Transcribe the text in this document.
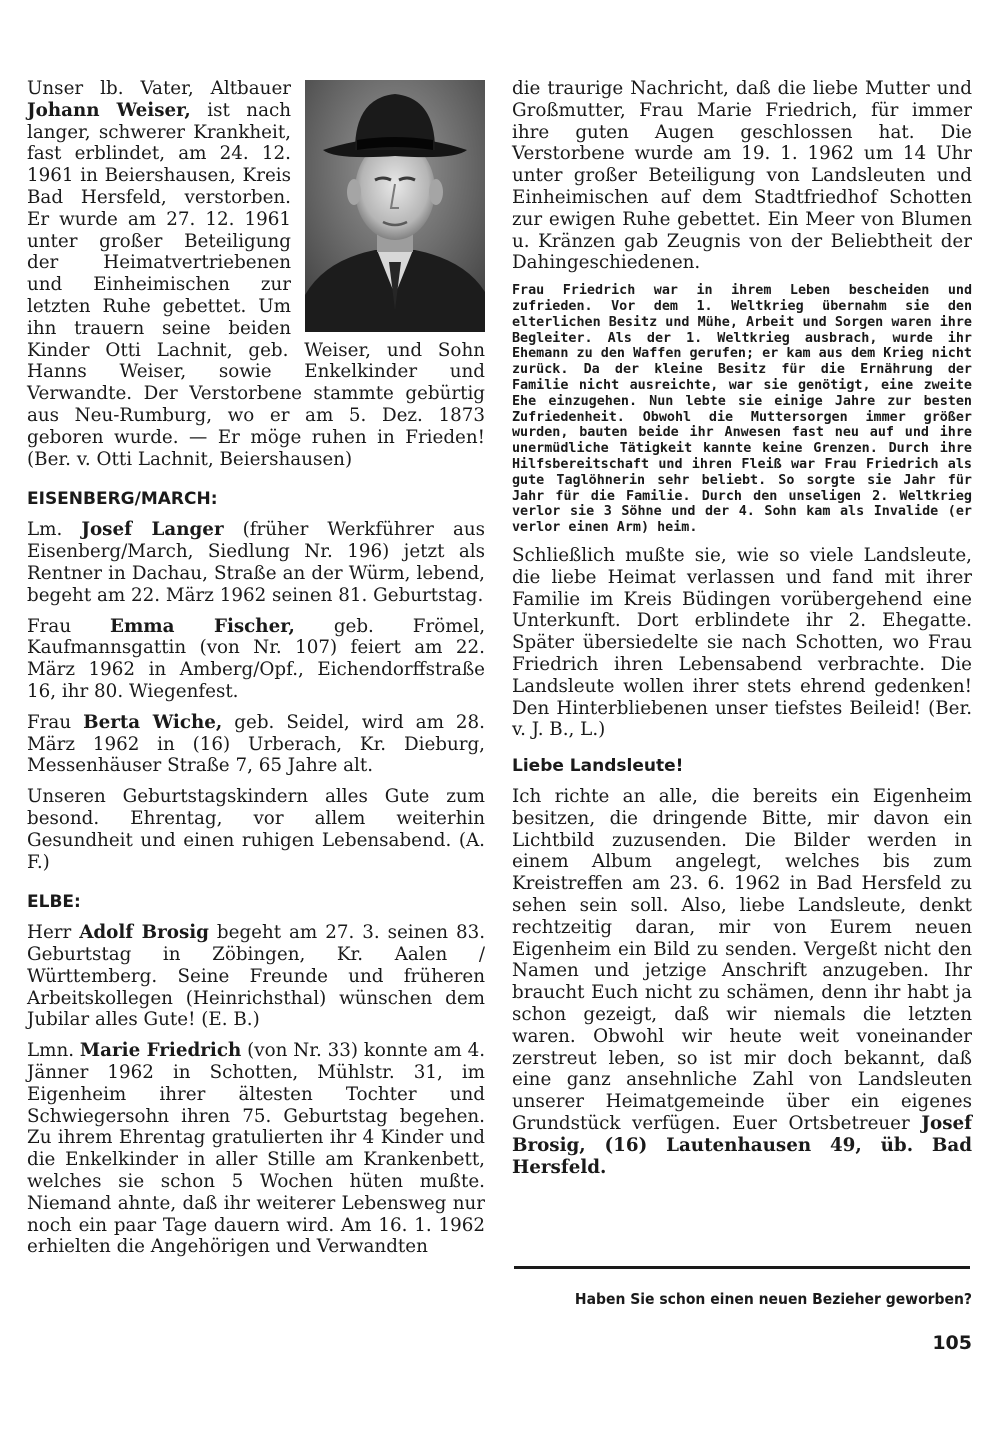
Unser lb. Vater, Altbauer Johann Weiser, ist nach langer, schwerer Krankheit, fast erblindet, am 24. 12. 1961 in Beiershausen, Kreis Bad Hersfeld, verstorben. Er wurde am 27. 12. 1961 unter großer Beteiligung der Heimatvertriebenen und Einheimischen zur letzten Ruhe gebettet. Um ihn trauern seine beiden Kinder Otti Lachnit, geb. Weiser, und Sohn Hanns Weiser, sowie Enkelkinder und Verwandte. Der Verstorbene stammte gebürtig aus Neu-Rumburg, wo er am 5. Dez. 1873 geboren wurde. — Er möge ruhen in Frieden! (Ber. v. Otti Lachnit, Beiershausen)

EISENBERG/MARCH:

Lm. Josef Langer (früher Werkführer aus Eisenberg/March, Siedlung Nr. 196) jetzt als Rentner in Dachau, Straße an der Würm, lebend, begeht am 22. März 1962 seinen 81. Geburtstag.

Frau Emma Fischer, geb. Frömel, Kaufmannsgattin (von Nr. 107) feiert am 22. März 1962 in Amberg/Opf., Eichendorffstraße 16, ihr 80. Wiegenfest.

Frau Berta Wiche, geb. Seidel, wird am 28. März 1962 in (16) Urberach, Kr. Dieburg, Messenhäuser Straße 7, 65 Jahre alt.

Unseren Geburtstagskindern alles Gute zum besond. Ehrentag, vor allem weiterhin Gesundheit und einen ruhigen Lebensabend. (A. F.)

ELBE:

Herr Adolf Brosig begeht am 27. 3. seinen 83. Geburtstag in Zöbingen, Kr. Aalen / Württemberg. Seine Freunde und früheren Arbeitskollegen (Heinrichsthal) wünschen dem Jubilar alles Gute! (E. B.)

Lmn. Marie Friedrich (von Nr. 33) konnte am 4. Jänner 1962 in Schotten, Mühlstr. 31, im Eigenheim ihrer ältesten Tochter und Schwiegersohn ihren 75. Geburtstag begehen. Zu ihrem Ehrentag gratulierten ihr 4 Kinder und die Enkelkinder in aller Stille am Krankenbett, welches sie schon 5 Wochen hüten mußte. Niemand ahnte, daß ihr weiterer Lebensweg nur noch ein paar Tage dauern wird. Am 16. 1. 1962 erhielten die Angehörigen und Verwandten

die traurige Nachricht, daß die liebe Mutter und Großmutter, Frau Marie Friedrich, für immer ihre guten Augen geschlossen hat. Die Verstorbene wurde am 19. 1. 1962 um 14 Uhr unter großer Beteiligung von Landsleuten und Einheimischen auf dem Stadtfriedhof Schotten zur ewigen Ruhe gebettet. Ein Meer von Blumen u. Kränzen gab Zeugnis von der Beliebtheit der Dahingeschiedenen.

Frau Friedrich war in ihrem Leben bescheiden und zufrieden. Vor dem 1. Weltkrieg übernahm sie den elterlichen Besitz und Mühe, Arbeit und Sorgen waren ihre Begleiter. Als der 1. Weltkrieg ausbrach, wurde ihr Ehemann zu den Waffen gerufen; er kam aus dem Krieg nicht zurück. Da der kleine Besitz für die Ernährung der Familie nicht ausreichte, war sie genötigt, eine zweite Ehe einzugehen. Nun lebte sie einige Jahre zur besten Zufriedenheit. Obwohl die Muttersorgen immer größer wurden, bauten beide ihr Anwesen fast neu auf und ihre unermüdliche Tätigkeit kannte keine Grenzen. Durch ihre Hilfsbereitschaft und ihren Fleiß war Frau Friedrich als gute Taglöhnerin sehr beliebt. So sorgte sie Jahr für Jahr für die Familie. Durch den unseligen 2. Weltkrieg verlor sie 3 Söhne und der 4. Sohn kam als Invalide (er verlor einen Arm) heim.

Schließlich mußte sie, wie so viele Landsleute, die liebe Heimat verlassen und fand mit ihrer Familie im Kreis Büdingen vorübergehend eine Unterkunft. Dort erblindete ihr 2. Ehegatte. Später übersiedelte sie nach Schotten, wo Frau Friedrich ihren Lebensabend verbrachte. Die Landsleute wollen ihrer stets ehrend gedenken! Den Hinterbliebenen unser tiefstes Beileid! (Ber. v. J. B., L.)

Liebe Landsleute!

Ich richte an alle, die bereits ein Eigenheim besitzen, die dringende Bitte, mir davon ein Lichtbild zuzusenden. Die Bilder werden in einem Album angelegt, welches bis zum Kreistreffen am 23. 6. 1962 in Bad Hersfeld zu sehen sein soll. Also, liebe Landsleute, denkt rechtzeitig daran, mir von Eurem neuen Eigenheim ein Bild zu senden. Vergeßt nicht den Namen und jetzige Anschrift anzugeben. Ihr braucht Euch nicht zu schämen, denn ihr habt ja schon gezeigt, daß wir niemals die letzten waren. Obwohl wir heute weit voneinander zerstreut leben, so ist mir doch bekannt, daß eine ganz ansehnliche Zahl von Landsleuten unserer Heimatgemeinde über ein eigenes Grundstück verfügen. Euer Ortsbetreuer Josef Brosig, (16) Lautenhausen 49, üb. Bad Hersfeld.

Haben Sie schon einen neuen Bezieher geworben?
105
